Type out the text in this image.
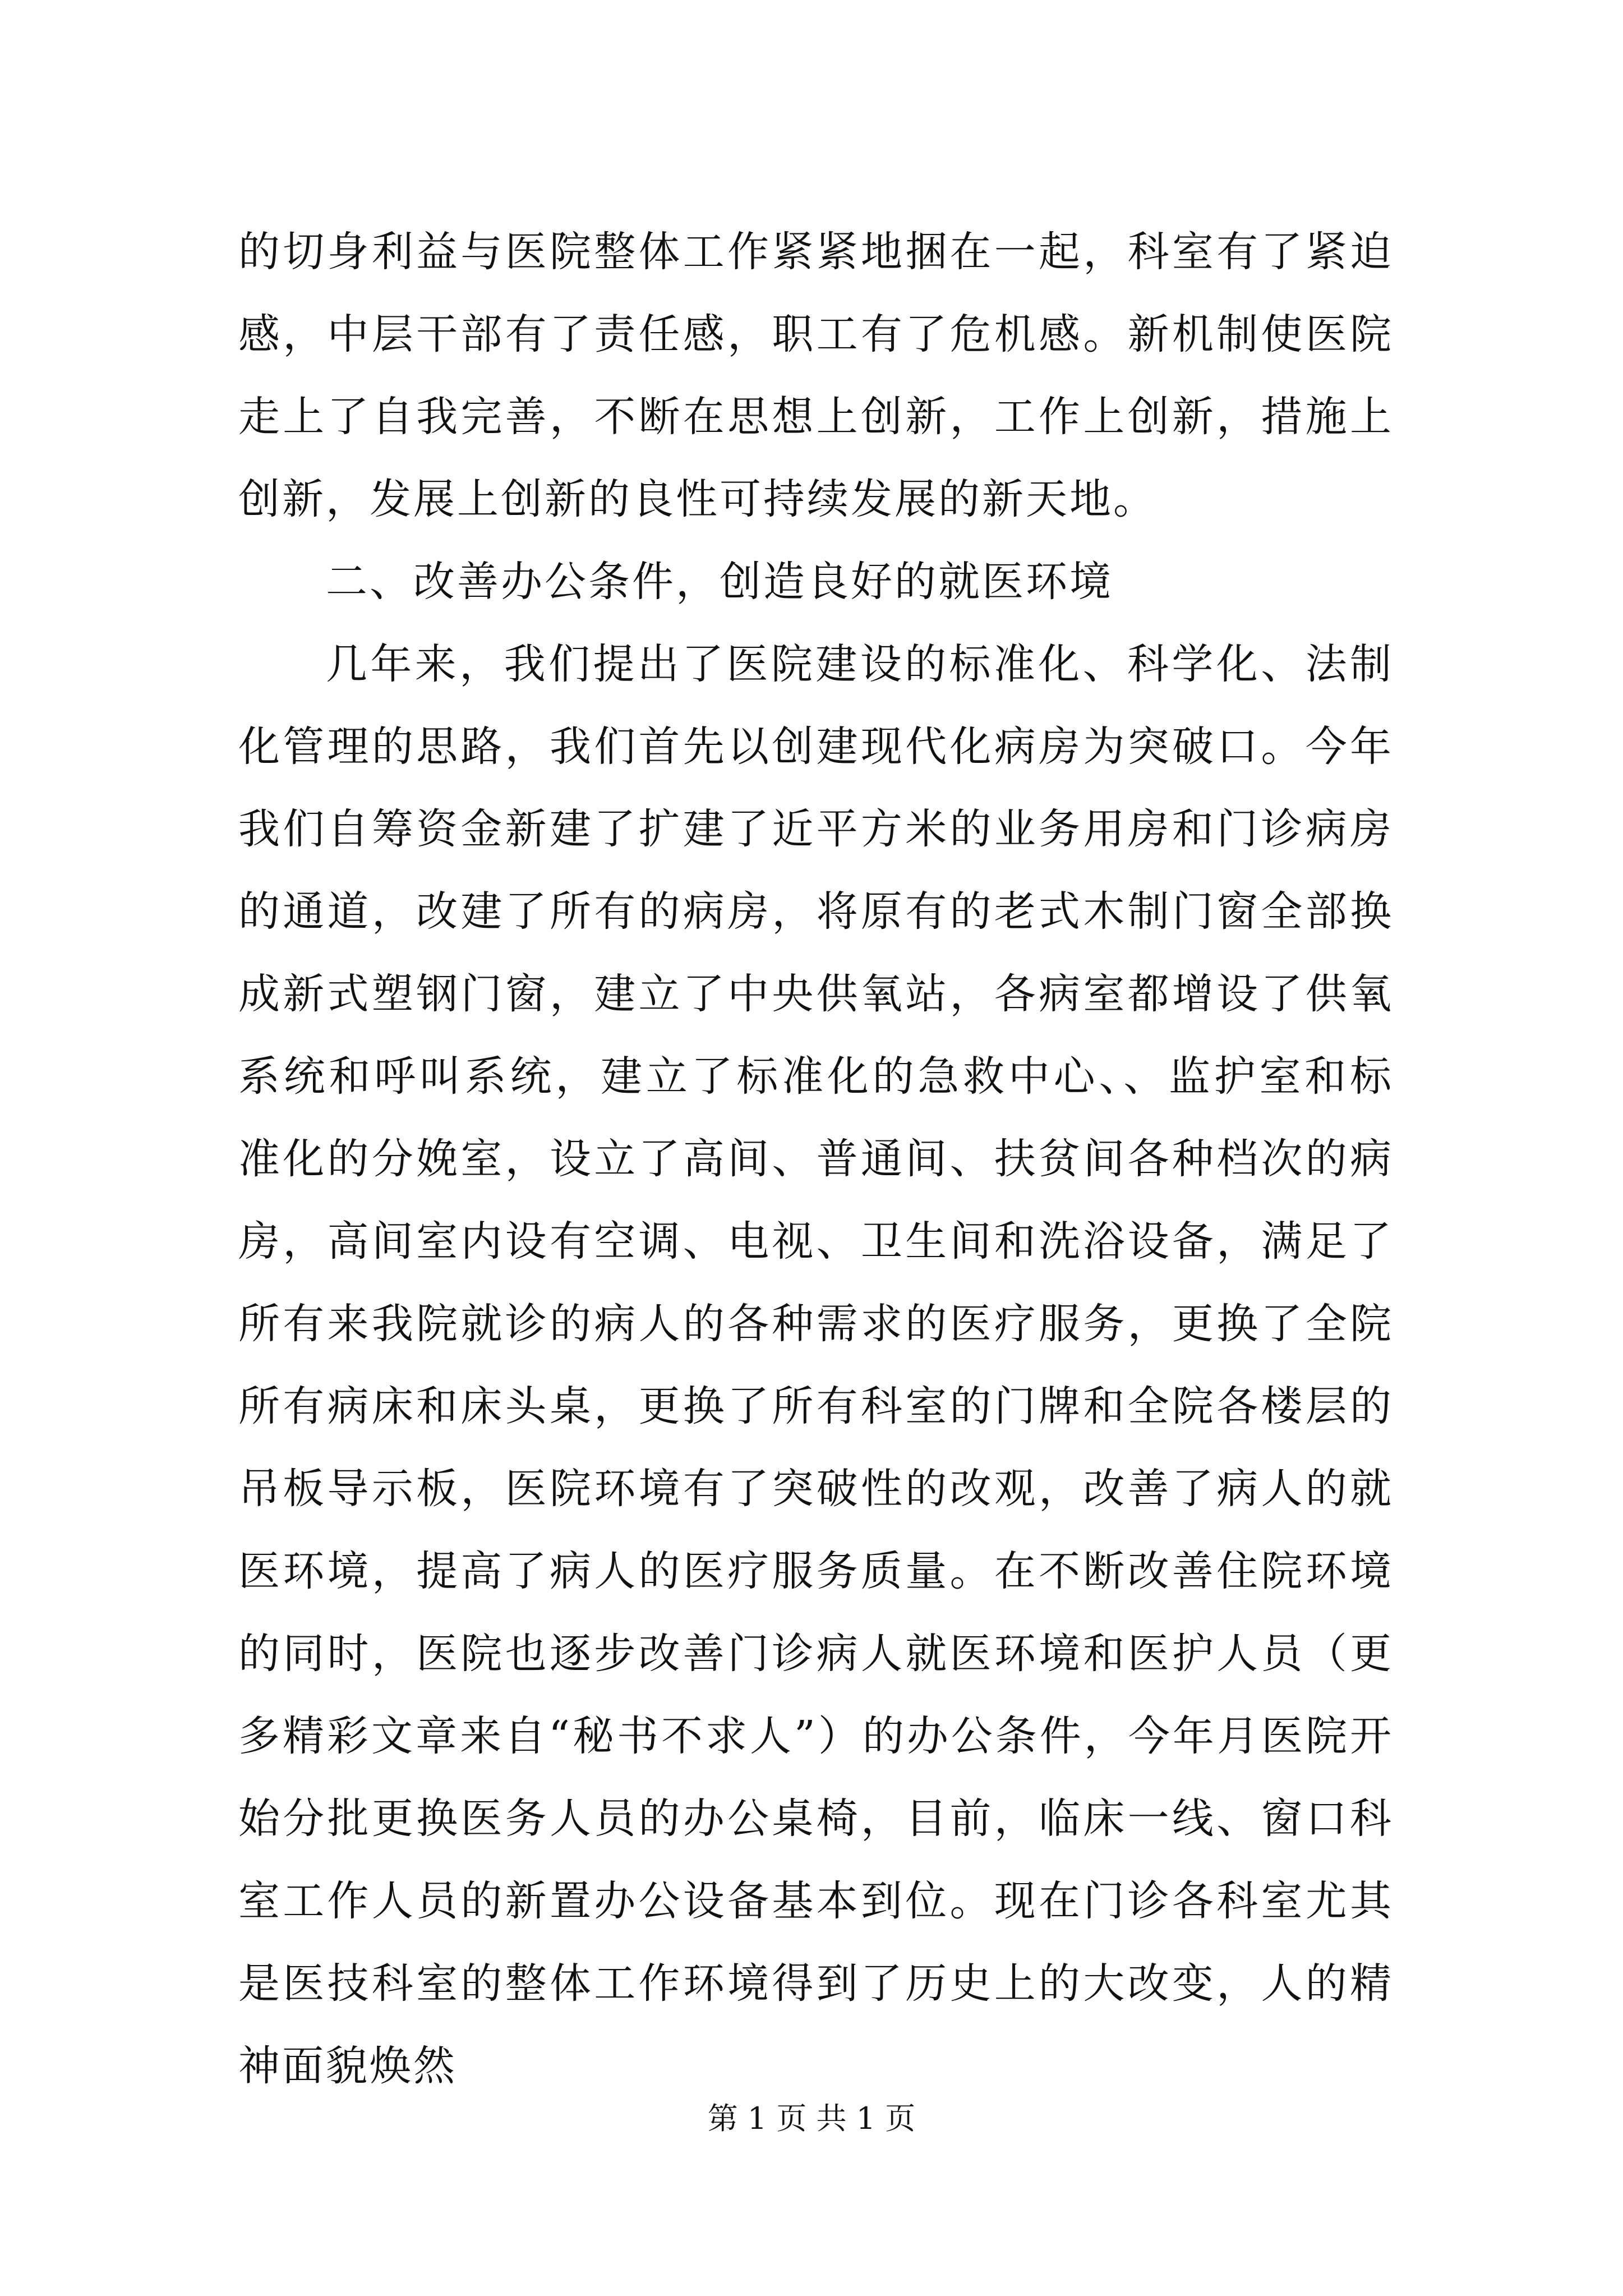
的切身利益与医院整体工作紧紧地捆在一起，科室有了紧迫感，中层干部有了责任感，职工有了危机感。新机制使医院走上了自我完善，不断在思想上创新，工作上创新，措施上创新，发展上创新的良性可持续发展的新天地。

二、改善办公条件，创造良好的就医环境

几年来，我们提出了医院建设的标准化、科学化、法制化管理的思路，我们首先以创建现代化病房为突破口。今年我们自筹资金新建了扩建了近平方米的业务用房和门诊病房的通道，改建了所有的病房，将原有的老式木制门窗全部换成新式塑钢门窗，建立了中央供氧站，各病室都增设了供氧系统和呼叫系统，建立了标准化的急救中心、、监护室和标准化的分娩室，设立了高间、普通间、扶贫间各种档次的病房，高间室内设有空调、电视、卫生间和洗浴设备，满足了所有来我院就诊的病人的各种需求的医疗服务，更换了全院所有病床和床头桌，更换了所有科室的门牌和全院各楼层的吊板导示板，医院环境有了突破性的改观，改善了病人的就医环境，提高了病人的医疗服务质量。在不断改善住院环境的同时，医院也逐步改善门诊病人就医环境和医护人员（更多精彩文章来自“秘书不求人”）的办公条件，今年月医院开始分批更换医务人员的办公桌椅，目前，临床一线、窗口科室工作人员的新置办公设备基本到位。现在门诊各科室尤其是医技科室的整体工作环境得到了历史上的大改变，人的精神面貌焕然

第 1 页 共 1 页
